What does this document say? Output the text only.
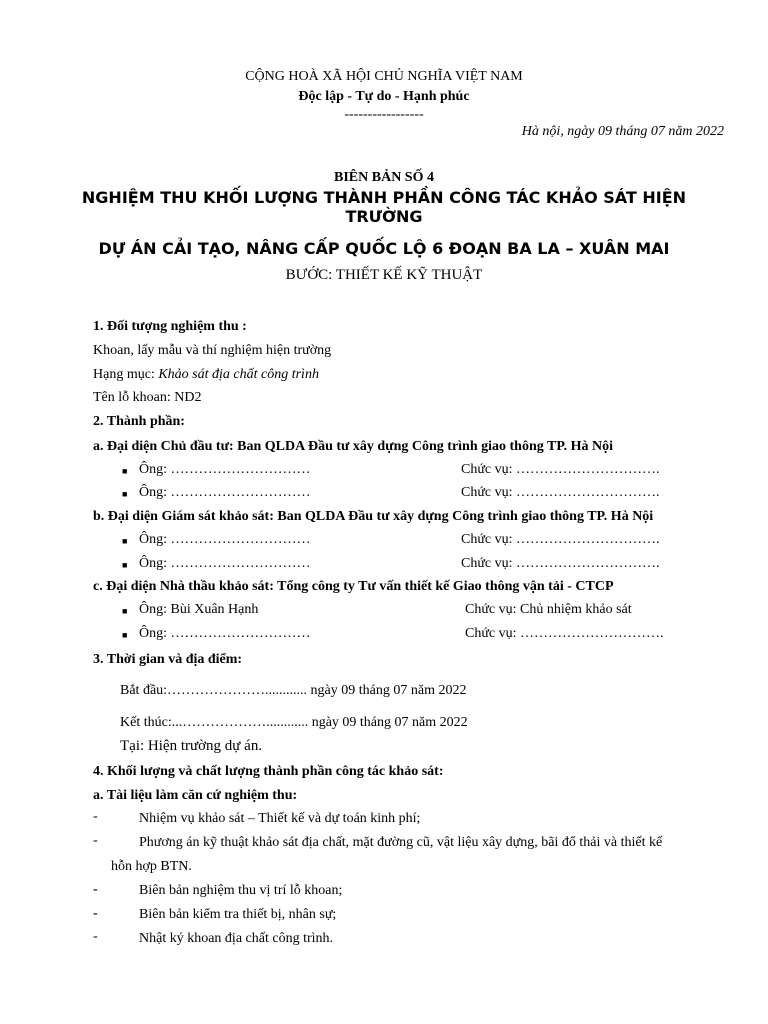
CỘNG HOÀ XÃ HỘI CHỦ NGHĨA VIỆT NAM
Độc lập - Tự do - Hạnh phúc
-----------------
Hà nội, ngày 09 tháng 07 năm 2022
BIÊN BẢN SỐ 4
NGHIỆM THU KHỐI LƯỢNG THÀNH PHẦN CÔNG TÁC KHẢO SÁT HIỆN
TRƯỜNG
DỰ ÁN CẢI TẠO, NÂNG CẤP QUỐC LỘ 6 ĐOẠN BA LA – XUÂN MAI
BƯỚC: THIẾT KẾ KỸ THUẬT
1. Đối tượng nghiệm thu :
Khoan, lấy mẫu và thí nghiệm hiện trường
Hạng mục: Khảo sát địa chất công trình
Tên lỗ khoan: ND2
2. Thành phần:
a. Đại diện Chủ đầu tư: Ban QLDA Đầu tư xây dựng Công trình giao thông TP. Hà Nội
■ Ông: …………………………	Chức vụ: ………………………….
■ Ông: …………………………	Chức vụ: ………………………….
b. Đại diện Giám sát khảo sát: Ban QLDA Đầu tư xây dựng Công trình giao thông TP. Hà Nội
■ Ông: …………………………	Chức vụ: ………………………….
■ Ông: …………………………	Chức vụ: ………………………….
c. Đại diện Nhà thầu khảo sát: Tổng công ty Tư vấn thiết kế Giao thông vận tải - CTCP
■ Ông: Bùi Xuân Hạnh	Chức vụ: Chủ nhiệm khảo sát
■ Ông: …………………………	Chức vụ: ………………………….
3. Thời gian và địa điểm:
Bắt đầu:…………………............ ngày 09 tháng 07 năm 2022
Kết thúc:...………………............ ngày 09 tháng 07 năm 2022
Tại: Hiện trường dự án.
4. Khối lượng và chất lượng thành phần công tác khảo sát:
a. Tài liệu làm căn cứ nghiệm thu:
-	Nhiệm vụ khảo sát – Thiết kế và dự toán kinh phí;
-	Phương án kỹ thuật khảo sát địa chất, mặt đường cũ, vật liệu xây dựng, bãi đổ thải và thiết kế
hỗn hợp BTN.
-	Biên bản nghiệm thu vị trí lỗ khoan;
-	Biên bản kiểm tra thiết bị, nhân sự;
-	Nhật ký khoan địa chất công trình.
